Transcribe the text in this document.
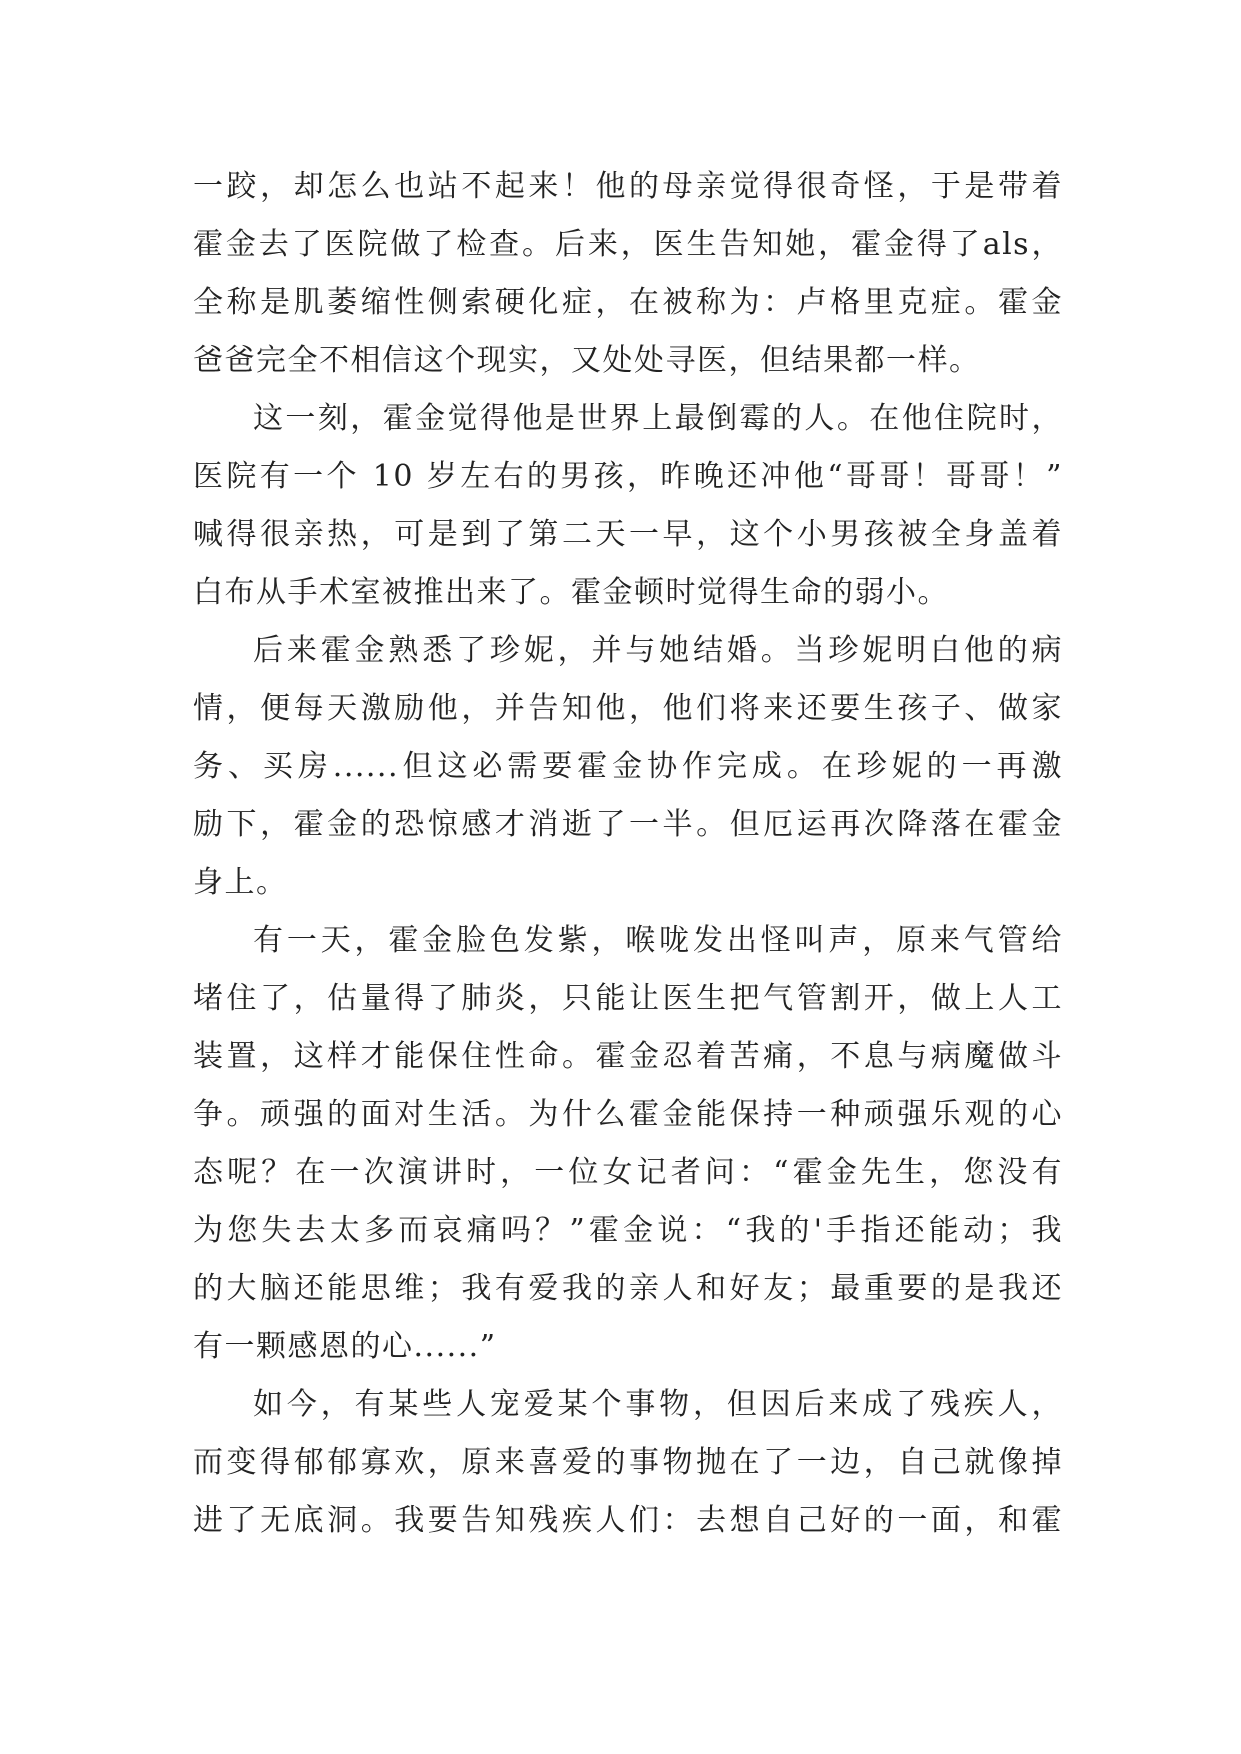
一跤，却怎么也站不起来！他的母亲觉得很奇怪，于是带着

霍金去了医院做了检查。后来，医生告知她，霍金得了als，

全称是肌萎缩性侧索硬化症，在被称为：卢格里克症。霍金

爸爸完全不相信这个现实，又处处寻医，但结果都一样。

这一刻，霍金觉得他是世界上最倒霉的人。在他住院时，

医院有一个 10 岁左右的男孩，昨晚还冲他“哥哥！哥哥！”

喊得很亲热，可是到了第二天一早，这个小男孩被全身盖着

白布从手术室被推出来了。霍金顿时觉得生命的弱小。

后来霍金熟悉了珍妮，并与她结婚。当珍妮明白他的病

情，便每天激励他，并告知他，他们将来还要生孩子、做家

务、买房......但这必需要霍金协作完成。在珍妮的一再激

励下，霍金的恐惊感才消逝了一半。但厄运再次降落在霍金

身上。

有一天，霍金脸色发紫，喉咙发出怪叫声，原来气管给

堵住了，估量得了肺炎，只能让医生把气管割开，做上人工

装置，这样才能保住性命。霍金忍着苦痛，不息与病魔做斗

争。顽强的面对生活。为什么霍金能保持一种顽强乐观的心

态呢？在一次演讲时，一位女记者问：“霍金先生，您没有

为您失去太多而哀痛吗？”霍金说：“我的'手指还能动；我

的大脑还能思维；我有爱我的亲人和好友；最重要的是我还

有一颗感恩的心......”

如今，有某些人宠爱某个事物，但因后来成了残疾人，

而变得郁郁寡欢，原来喜爱的事物抛在了一边，自己就像掉

进了无底洞。我要告知残疾人们：去想自己好的一面，和霍
